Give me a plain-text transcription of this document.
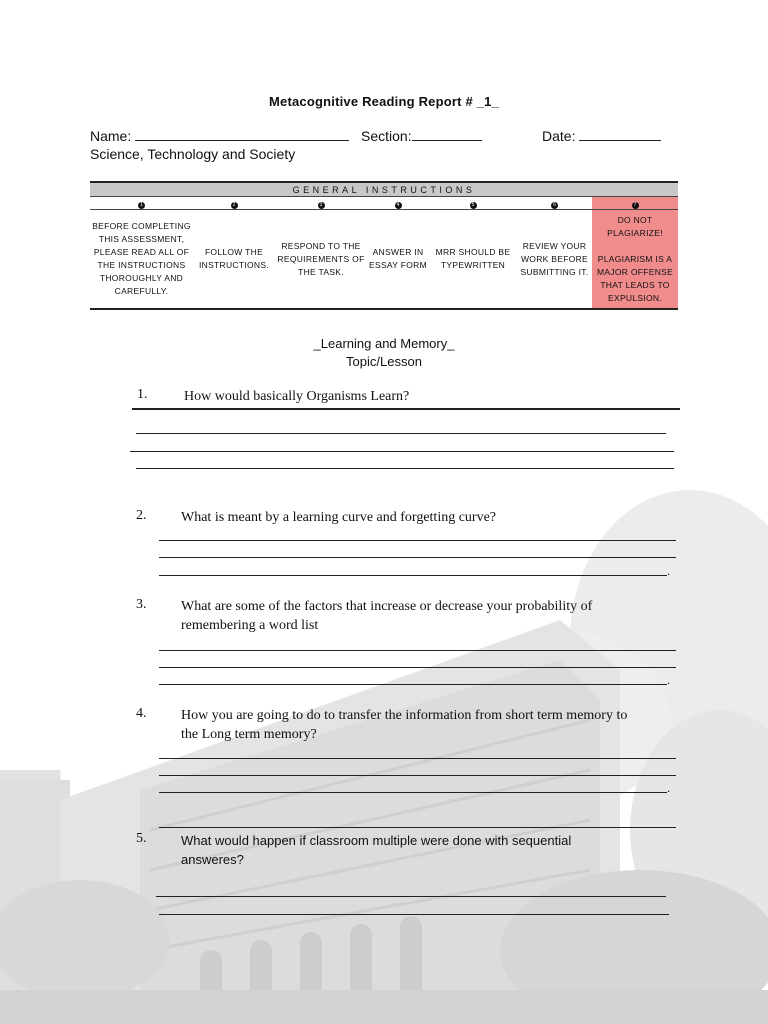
Metacognitive Reading Report # _1_
Name:	Section:	Date:
Science, Technology and Society
GENERAL INSTRUCTIONS						
1	2	3	4	5	6	7
BEFORE COMPLETING THIS ASSESSMENT, PLEASE READ ALL OF THE INSTRUCTIONS THOROUGHLY AND CAREFULLY.	FOLLOW THE INSTRUCTIONS.	RESPOND TO THE REQUIREMENTS OF THE TASK.	ANSWER IN ESSAY FORM	MRR SHOULD BE TYPEWRITTEN	REVIEW YOUR WORK BEFORE SUBMITTING IT.	DO NOT PLAGIARIZE!
PLAGIARISM IS A MAJOR OFFENSE THAT LEADS TO EXPULSION.
_Learning and Memory_
Topic/Lesson
1.	How would basically Organisms Learn?
2. What is meant by a learning curve and forgetting curve?
.
3. What are some of the factors that increase or decrease your probability of
remembering a word list
.
4. How you are going to do to transfer the information from short term memory to
the Long term memory?
.
5.	What would happen if classroom multiple were done with sequential
answeres?
